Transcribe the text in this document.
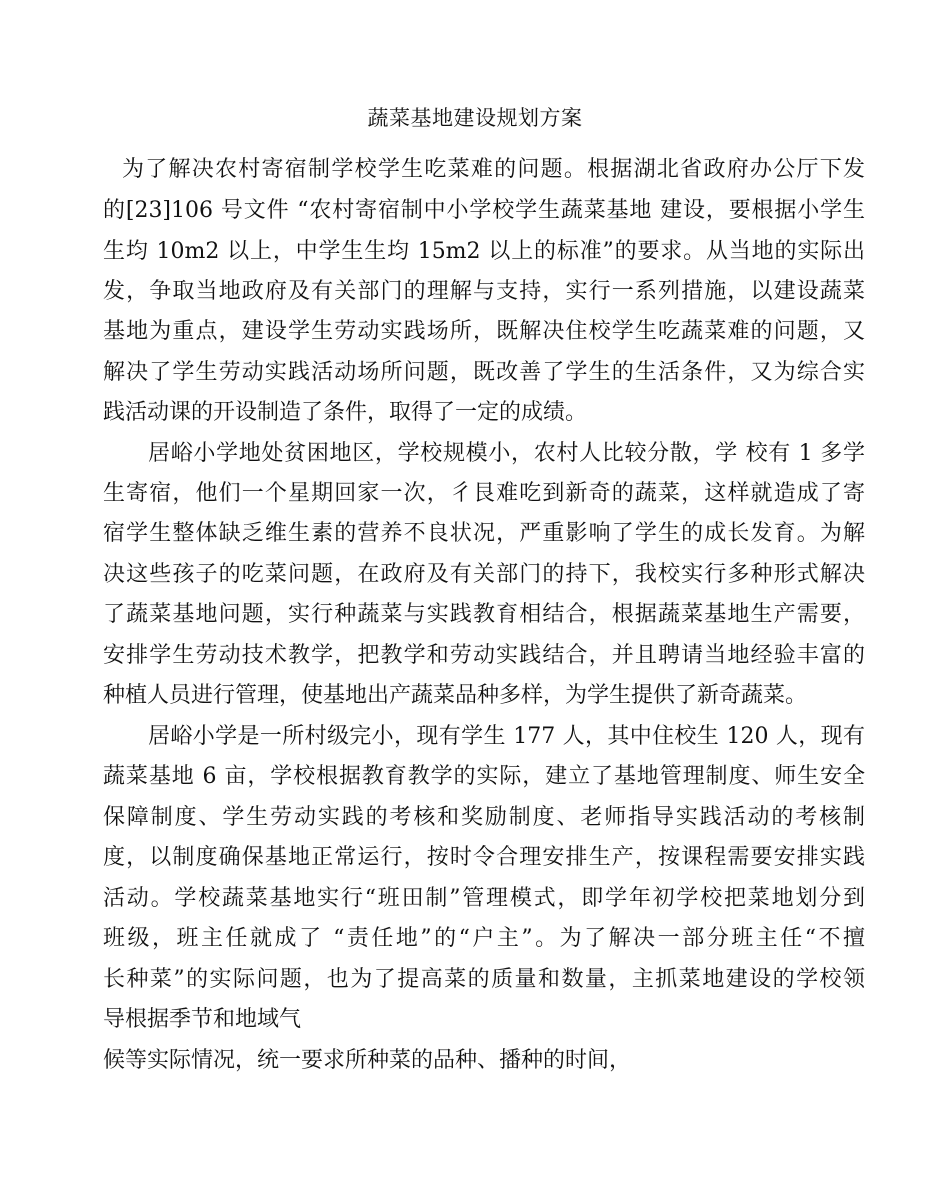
蔬菜基地建设规划方案
为了解决农村寄宿制学校学生吃菜难的问题。根据湖北省政府办公厅下发
的[23]106 号文件 “农村寄宿制中小学校学生蔬菜基地 建设，要根据小学生
生均 10m2 以上，中学生生均 15m2 以上的标准”的要求。从当地的实际出
发，争取当地政府及有关部门的理解与支持，实行一系列措施，以建设蔬菜
基地为重点，建设学生劳动实践场所，既解决住校学生吃蔬菜难的问题，又
解决了学生劳动实践活动场所问题，既改善了学生的生活条件，又为综合实
践活动课的开设制造了条件，取得了一定的成绩。
居峪小学地处贫困地区，学校规模小，农村人比较分散，学 校有 1 多学
生寄宿，他们一个星期回家一次，彳艮难吃到新奇的蔬菜，这样就造成了寄
宿学生整体缺乏维生素的营养不良状况，严重影响了学生的成长发育。为解
决这些孩子的吃菜问题，在政府及有关部门的持下，我校实行多种形式解决
了蔬菜基地问题，实行种蔬菜与实践教育相结合，根据蔬菜基地生产需要，
安排学生劳动技术教学，把教学和劳动实践结合，并且聘请当地经验丰富的
种植人员进行管理，使基地出产蔬菜品种多样，为学生提供了新奇蔬菜。
居峪小学是一所村级完小，现有学生 177 人，其中住校生 120 人，现有
蔬菜基地 6 亩，学校根据教育教学的实际，建立了基地管理制度、师生安全
保障制度、学生劳动实践的考核和奖励制度、老师指导实践活动的考核制
度，以制度确保基地正常运行，按时令合理安排生产，按课程需要安排实践
活动。学校蔬菜基地实行“班田制”管理模式，即学年初学校把菜地划分到
班级，班主任就成了 “责任地”的“户主”。为了解决一部分班主任“不擅
长种菜”的实际问题，也为了提高菜的质量和数量，主抓菜地建设的学校领
导根据季节和地域气
候等实际情况，统一要求所种菜的品种、播种的时间，
